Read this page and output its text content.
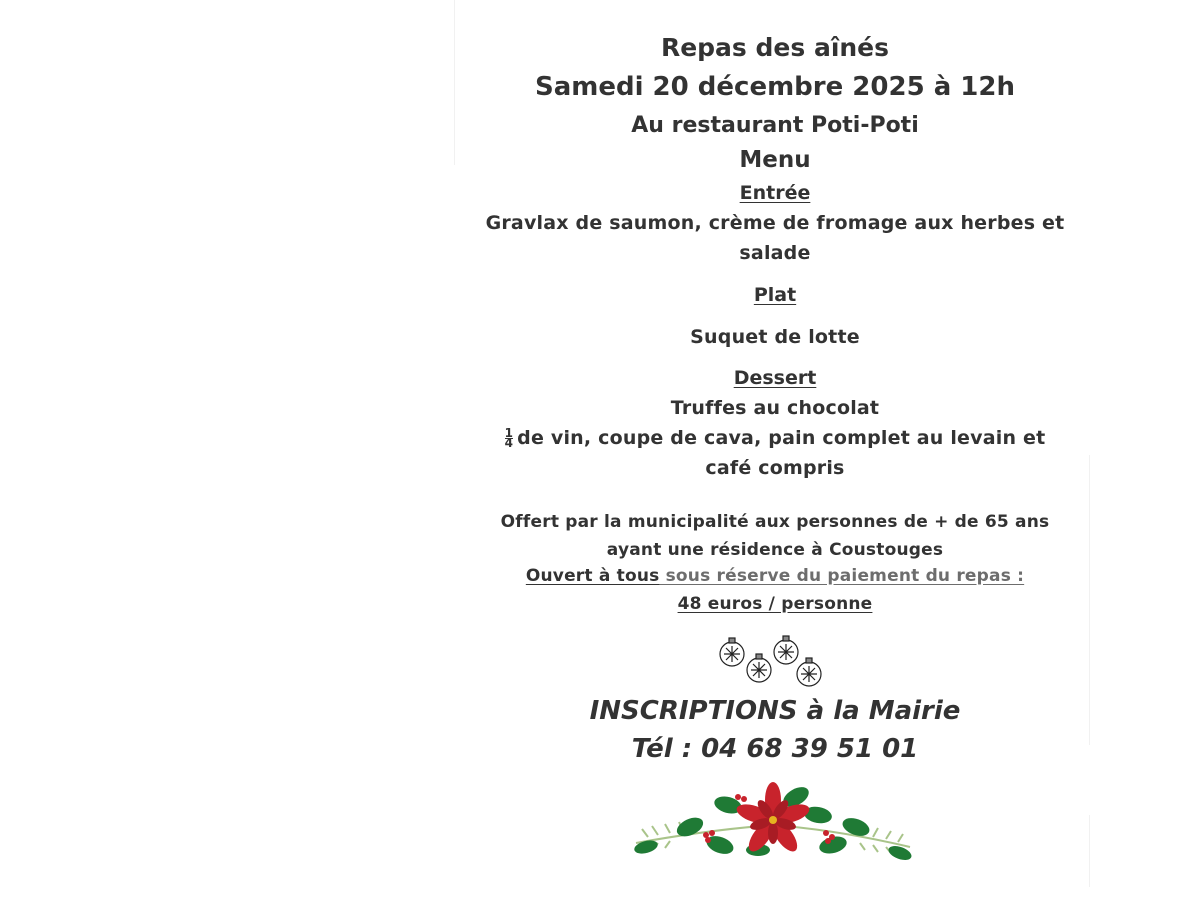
Repas des aînés
Samedi 20 décembre 2025 à 12h
Au restaurant Poti-Poti
Menu
Entrée
Gravlax de saumon, crème de fromage aux herbes et
salade
Plat
Suquet de lotte
Dessert
Truffes au chocolat
$\frac{1}{4}$ de vin, coupe de cava, pain complet au levain et
café compris
Offert par la municipalité aux personnes de + de 65 ans
ayant une résidence à Coustouges
Ouvert à tous sous réserve du paiement du repas :
48 euros / personne
INSCRIPTIONS à la Mairie
Tél : 04 68 39 51 01
